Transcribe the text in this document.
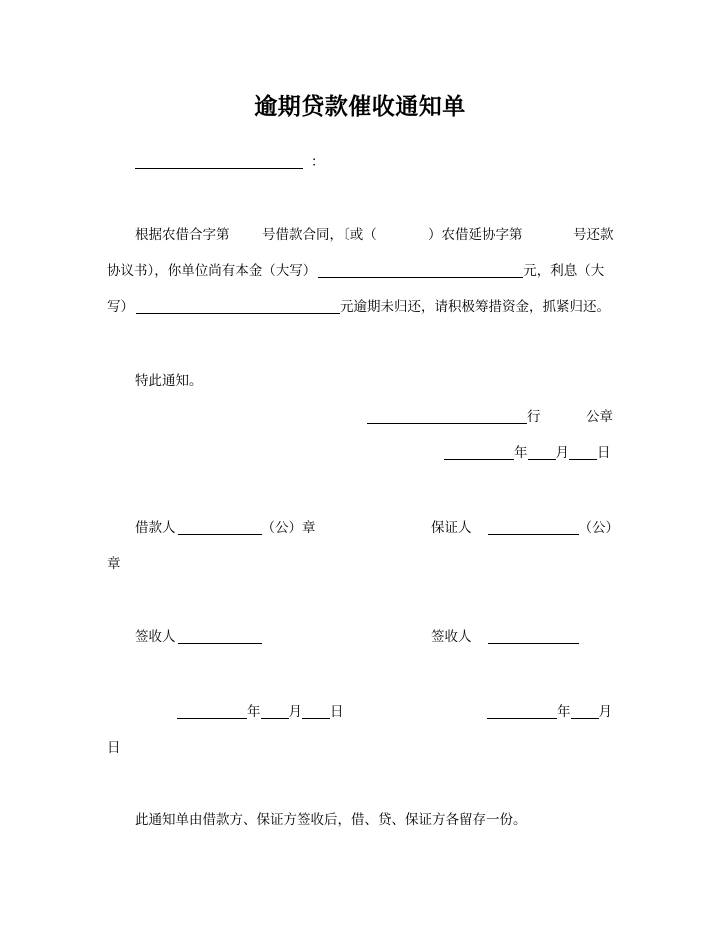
逾期贷款催收通知单
：
根据农借合字第 号借款合同，〔或（	）农借延协字第	号还款
协议书），你单位尚有本金（大写）	元，利息（大
写）	元逾期未归还，请积极筹措资金，抓紧归还。
特此通知。
行	公章
年 月 日
借款人	（公）章	保证人	（公）
章
签收人	签收人
年 月 日	年 月
日
此通知单由借款方、保证方签收后，借、贷、保证方各留存一份。
